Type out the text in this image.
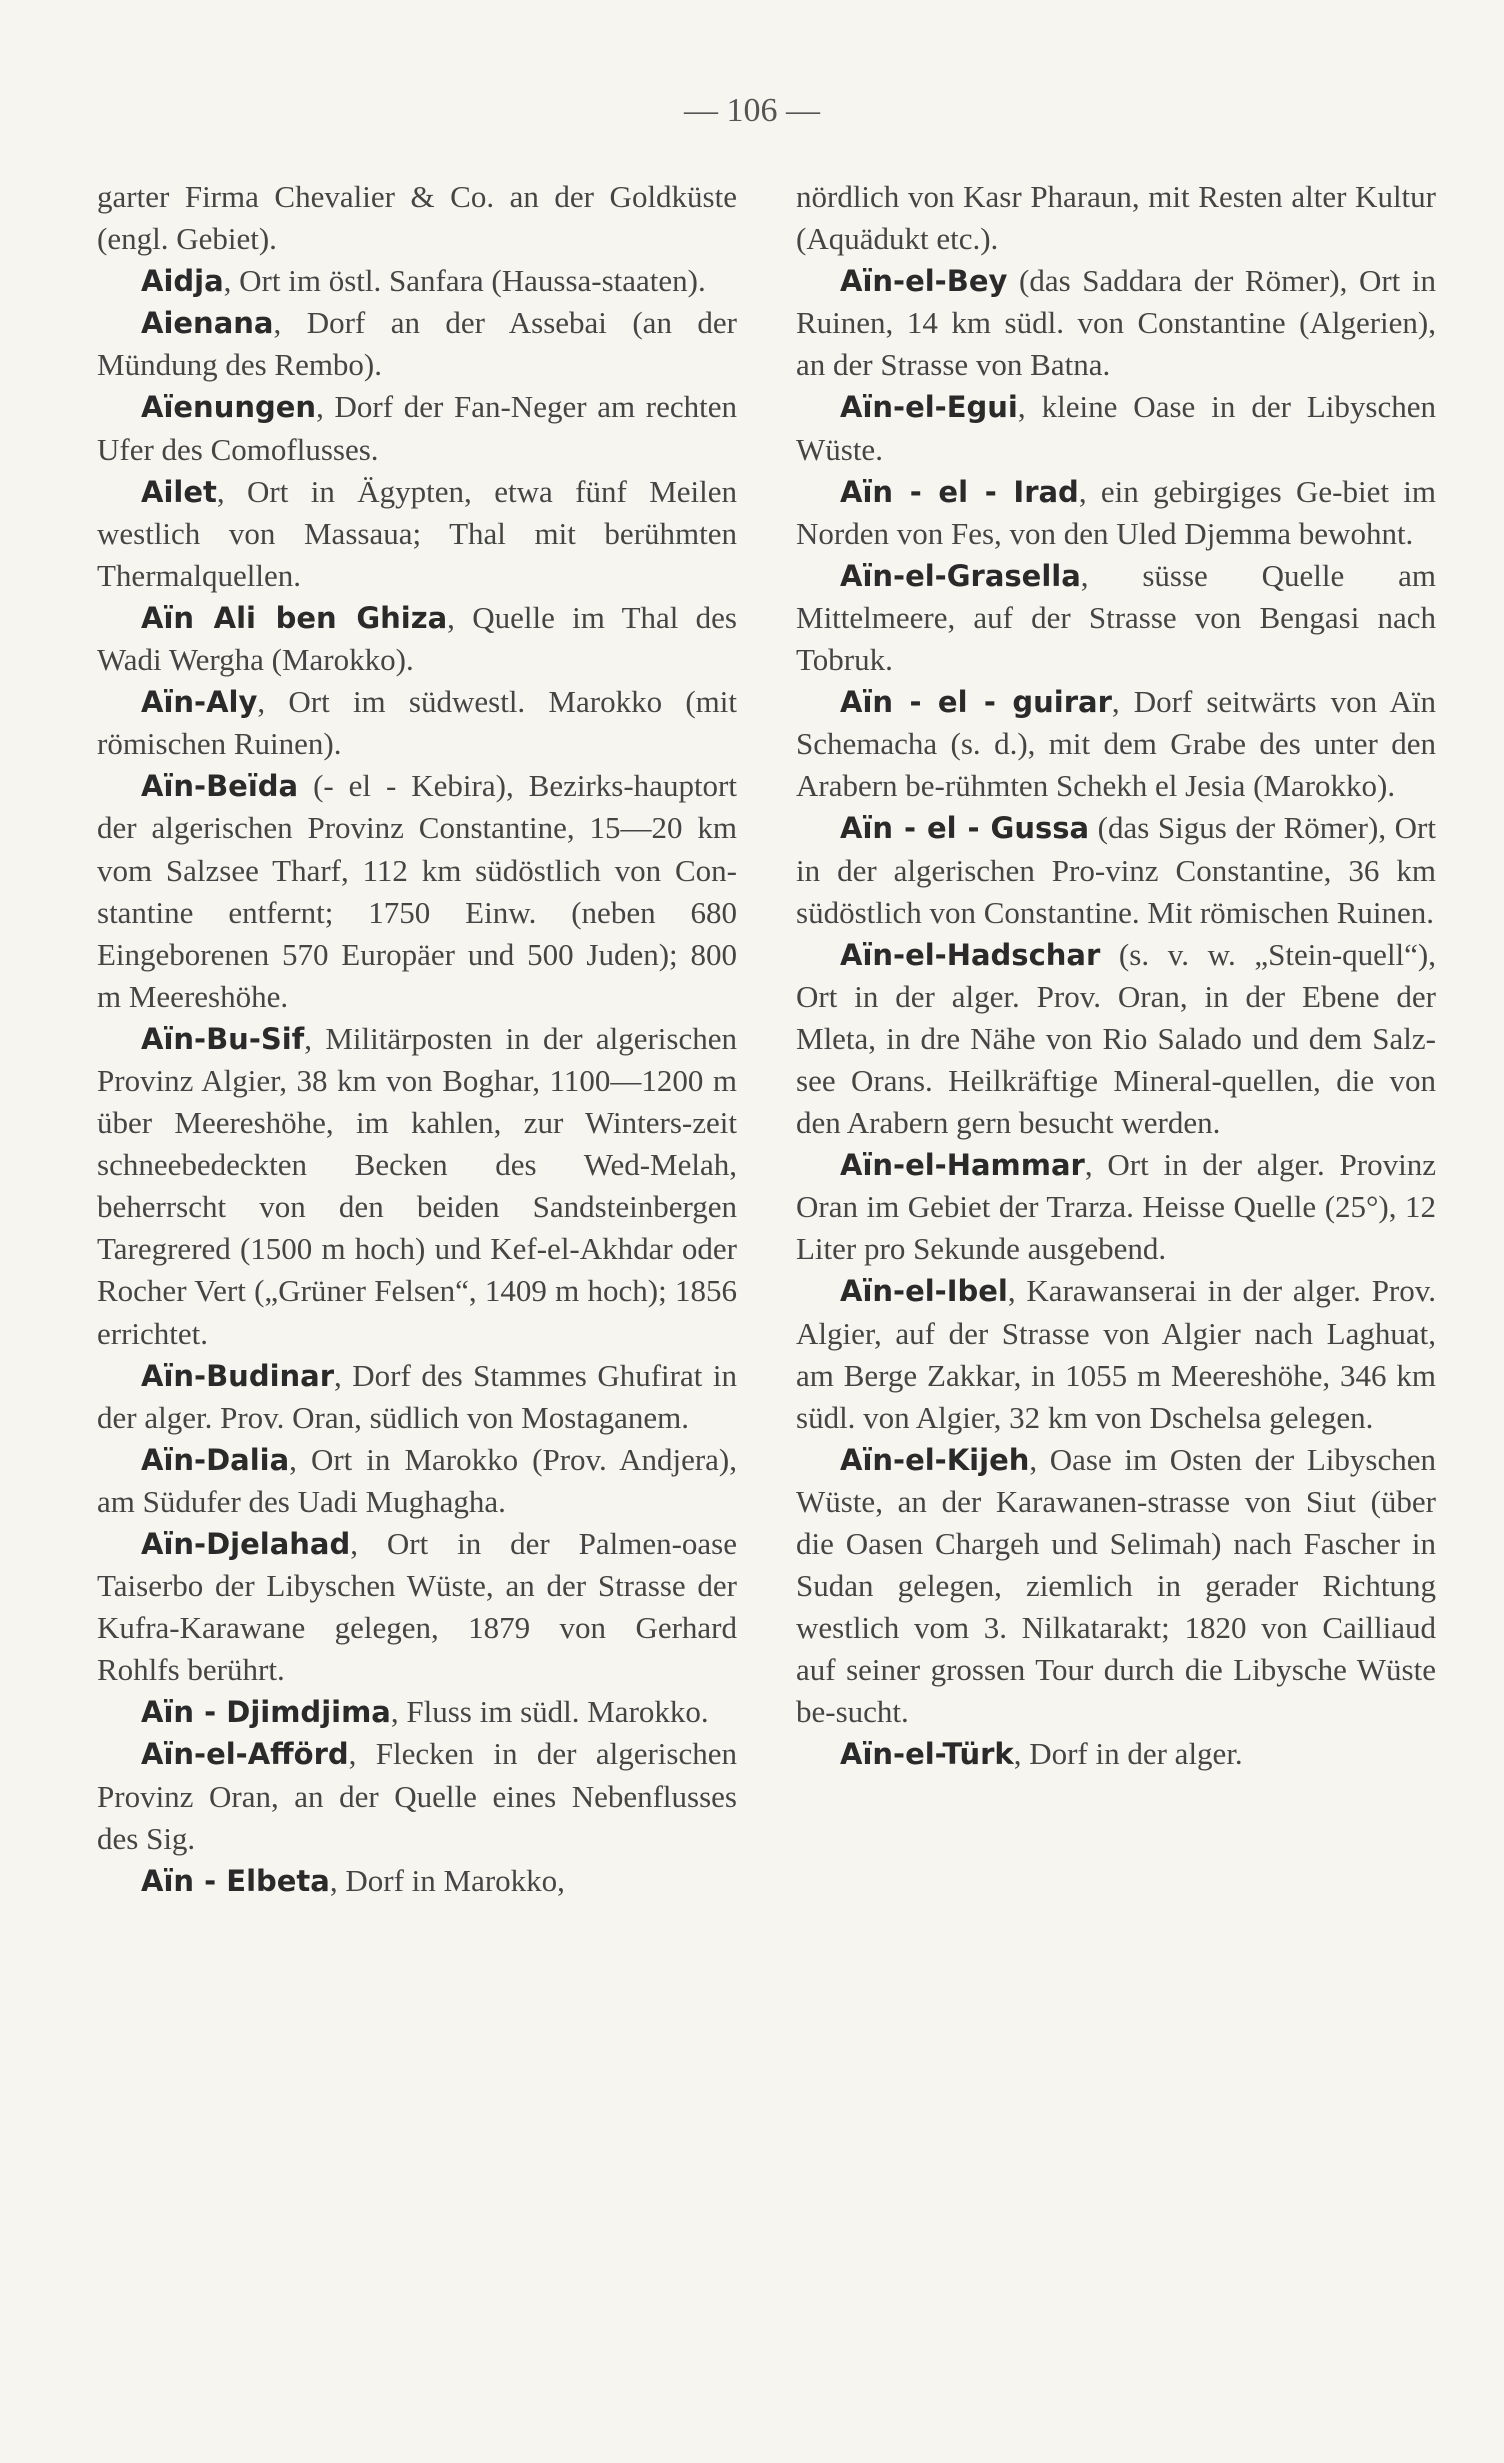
— 106 —

garter Firma Chevalier & Co. an der Goldküste (engl. Gebiet).

Aidja, Ort im östl. Sanfara (Haussa-staaten).

Aienana, Dorf an der Assebai (an der Mündung des Rembo).

Aïenungen, Dorf der Fan-Neger am rechten Ufer des Comoflusses.

Ailet, Ort in Ägypten, etwa fünf Meilen westlich von Massaua; Thal mit berühmten Thermalquellen.

Aïn Ali ben Ghiza, Quelle im Thal des Wadi Wergha (Marokko).

Aïn-Aly, Ort im südwestl. Marokko (mit römischen Ruinen).

Aïn-Beïda (- el - Kebira), Bezirks-hauptort der algerischen Provinz Constantine, 15—20 km vom Salzsee Tharf, 112 km südöstlich von Con-stantine entfernt; 1750 Einw. (neben 680 Eingeborenen 570 Europäer und 500 Juden); 800 m Meereshöhe.

Aïn-Bu-Sif, Militärposten in der algerischen Provinz Algier, 38 km von Boghar, 1100—1200 m über Meereshöhe, im kahlen, zur Winters-zeit schneebedeckten Becken des Wed-Melah, beherrscht von den beiden Sandsteinbergen Taregrered (1500 m hoch) und Kef-el-Akhdar oder Rocher Vert („Grüner Felsen“, 1409 m hoch); 1856 errichtet.

Aïn-Budinar, Dorf des Stammes Ghufirat in der alger. Prov. Oran, südlich von Mostaganem.

Aïn-Dalia, Ort in Marokko (Prov. Andjera), am Südufer des Uadi Mughagha.

Aïn-Djelahad, Ort in der Palmen-oase Taiserbo der Libyschen Wüste, an der Strasse der Kufra-Karawane gelegen, 1879 von Gerhard Rohlfs berührt.

Aïn - Djimdjima, Fluss im südl. Marokko.

Aïn-el-Afförd, Flecken in der algerischen Provinz Oran, an der Quelle eines Nebenflusses des Sig.

Aïn - Elbeta, Dorf in Marokko,

nördlich von Kasr Pharaun, mit Resten alter Kultur (Aquädukt etc.).

Aïn-el-Bey (das Saddara der Römer), Ort in Ruinen, 14 km südl. von Constantine (Algerien), an der Strasse von Batna.

Aïn-el-Egui, kleine Oase in der Libyschen Wüste.

Aïn - el - Irad, ein gebirgiges Ge-biet im Norden von Fes, von den Uled Djemma bewohnt.

Aïn-el-Grasella, süsse Quelle am Mittelmeere, auf der Strasse von Bengasi nach Tobruk.

Aïn - el - guirar, Dorf seitwärts von Aïn Schemacha (s. d.), mit dem Grabe des unter den Arabern be-rühmten Schekh el Jesia (Marokko).

Aïn - el - Gussa (das Sigus der Römer), Ort in der algerischen Pro-vinz Constantine, 36 km südöstlich von Constantine. Mit römischen Ruinen.

Aïn-el-Hadschar (s. v. w. „Stein-quell“), Ort in der alger. Prov. Oran, in der Ebene der Mleta, in dre Nähe von Rio Salado und dem Salz-see Orans. Heilkräftige Mineral-quellen, die von den Arabern gern besucht werden.

Aïn-el-Hammar, Ort in der alger. Provinz Oran im Gebiet der Trarza. Heisse Quelle (25°), 12 Liter pro Sekunde ausgebend.

Aïn-el-Ibel, Karawanserai in der alger. Prov. Algier, auf der Strasse von Algier nach Laghuat, am Berge Zakkar, in 1055 m Meereshöhe, 346 km südl. von Algier, 32 km von Dschelsa gelegen.

Aïn-el-Kijeh, Oase im Osten der Libyschen Wüste, an der Karawanen-strasse von Siut (über die Oasen Chargeh und Selimah) nach Fascher in Sudan gelegen, ziemlich in gerader Richtung westlich vom 3. Nilkatarakt; 1820 von Cailliaud auf seiner grossen Tour durch die Libysche Wüste be-sucht.

Aïn-el-Türk, Dorf in der alger.
